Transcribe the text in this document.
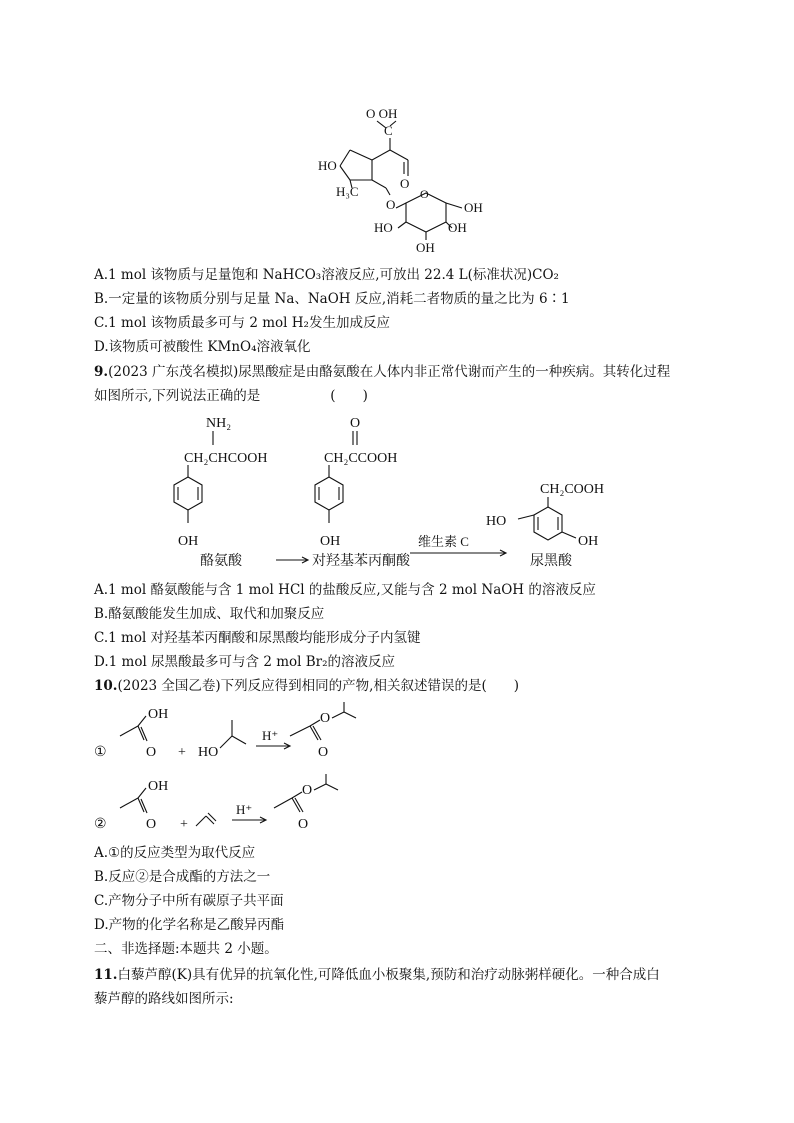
O OH
C
O
HO
H₃C
O	OH
O
HO
OH
OH
A.1 mol 该物质与足量饱和 NaHCO₃溶液反应,可放出 22.4 L(标准状况)CO₂
B.一定量的该物质分别与足量 Na、NaOH 反应,消耗二者物质的量之比为 6∶1
C.1 mol 该物质最多可与 2 mol H₂发生加成反应
D.该物质可被酸性 KMnO₄溶液氧化
9.(2023 广东茂名模拟)尿黑酸症是由酪氨酸在人体内非正常代谢而产生的一种疾病。其转化过程
如图所示,下列说法正确的是	(　　)
NH₂
CH₂CHCOOH
OH
酪氨酸
O
CH₂CCOOH
OH
对羟基苯丙酮酸
维生素 C
CH₂COOH
HO
OH
尿黑酸
A.1 mol 酪氨酸能与含 1 mol HCl 的盐酸反应,又能与含 2 mol NaOH 的溶液反应
B.酪氨酸能发生加成、取代和加聚反应
C.1 mol 对羟基苯丙酮酸和尿黑酸均能形成分子内氢键
D.1 mol 尿黑酸最多可与含 2 mol Br₂的溶液反应
10.(2023 全国乙卷)下列反应得到相同的产物,相关叙述错误的是(　　)
①
OH
O + HO
H⁺
O
O
②
OH
O +
H⁺
O
O
A.①的反应类型为取代反应
B.反应②是合成酯的方法之一
C.产物分子中所有碳原子共平面
D.产物的化学名称是乙酸异丙酯
二、非选择题:本题共 2 小题。
11.白藜芦醇(K)具有优异的抗氧化性,可降低血小板聚集,预防和治疗动脉粥样硬化。一种合成白
藜芦醇的路线如图所示:
